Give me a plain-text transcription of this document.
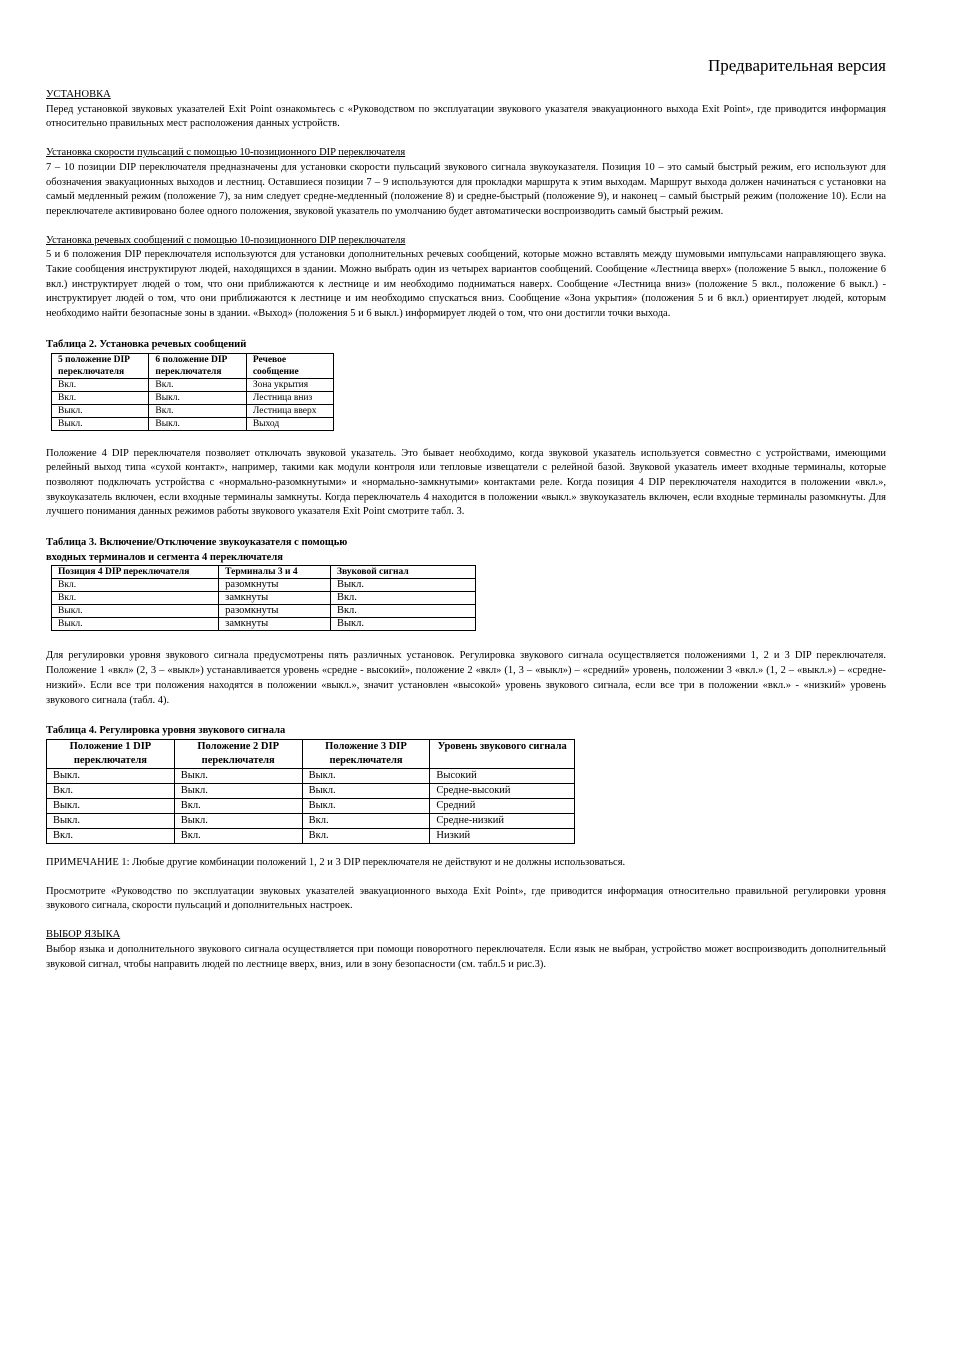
Предварительная версия

УСТАНОВКА

Перед установкой звуковых указателей Exit Point ознакомьтесь с «Руководством по эксплуатации звукового указателя эвакуационного выхода Exit Point», где приводится информация относительно правильных мест расположения данных устройств.

Установка скорости пульсаций с помощью 10-позиционного DIP переключателя

7 – 10 позиции DIP переключателя предназначены для установки скорости пульсаций звукового сигнала звукоуказателя. Позиция 10 – это самый быстрый режим, его используют для обозначения эвакуационных выходов и лестниц. Оставшиеся позиции 7 – 9 используются для прокладки маршрута к этим выходам. Маршрут выхода должен начинаться с установки на самый медленный режим (положение 7), за ним следует средне-медленный (положение 8) и средне-быстрый (положение 9), и наконец – самый быстрый режим (положение 10). Если на переключателе активировано более одного положения, звуковой указатель по умолчанию будет автоматически воспроизводить самый быстрый режим.

Установка речевых сообщений с помощью 10-позиционного DIP переключателя

5 и 6 положения DIP переключателя используются для установки дополнительных речевых сообщений, которые можно вставлять между шумовыми импульсами направляющего звука. Такие сообщения инструктируют людей, находящихся в здании. Можно выбрать один из четырех вариантов сообщений. Сообщение «Лестница вверх» (положение 5 выкл., положение 6 вкл.) инструктирует людей о том, что они приближаются к лестнице и им необходимо подниматься наверх. Сообщение «Лестница вниз» (положение 5 вкл., положение 6 выкл.) - инструктирует людей о том, что они приближаются к лестнице и им необходимо спускаться вниз. Сообщение «Зона укрытия» (положения 5 и 6 вкл.) ориентирует людей, которым необходимо найти безопасные зоны в здании. «Выход» (положения 5 и 6 выкл.) информирует людей о том, что они достигли точки выхода.

Таблица 2. Установка речевых сообщений

5 положение DIP переключателя	6 положение DIP переключателя	Речевое сообщение
Вкл.	Вкл.	Зона укрытия
Вкл.	Выкл.	Лестница вниз
Выкл.	Вкл.	Лестница вверх
Выкл.	Выкл.	Выход

Положение 4 DIP переключателя позволяет отключать звуковой указатель. Это бывает необходимо, когда звуковой указатель используется совместно с устройствами, имеющими релейный выход типа «сухой контакт», например, такими как модули контроля или тепловые извещатели с релейной базой. Звуковой указатель имеет входные терминалы, которые позволяют подключать устройства с «нормально-разомкнутыми» и «нормально-замкнутыми» контактами реле. Когда позиция 4 DIP переключателя находится в положении «вкл.», звукоуказатель включен, если входные терминалы замкнуты. Когда переключатель 4 находится в положении «выкл.» звукоуказатель включен, если входные терминалы разомкнуты. Для лучшего понимания данных режимов работы звукового указателя Exit Point смотрите табл. 3.

Таблица 3. Включение/Отключение звукоуказателя с помощью

входных терминалов и сегмента 4 переключателя

Позиция 4 DIP переключателя	Терминалы 3 и 4	Звуковой сигнал
Вкл.	разомкнуты	Выкл.
Вкл.	замкнуты	Вкл.
Выкл.	разомкнуты	Вкл.
Выкл.	замкнуты	Выкл.

Для регулировки уровня звукового сигнала предусмотрены пять различных установок. Регулировка звукового сигнала осуществляется положениями 1, 2 и 3 DIP переключателя. Положение 1 «вкл» (2, 3 – «выкл») устанавливается уровень «средне - высокий», положение 2 «вкл» (1, 3 – «выкл») – «средний» уровень, положении 3 «вкл.» (1, 2 – «выкл.») – «средне-низкий». Если все три положения находятся в положении «выкл.», значит установлен «высокой» уровень звукового сигнала, если все три в положении «вкл.» - «низкий» уровень звукового сигнала (табл. 4).

Таблица 4. Регулировка уровня звукового сигнала

Положение 1 DIP переключателя	Положение 2 DIP переключателя	Положение 3 DIP переключателя	Уровень звукового сигнала
Выкл.	Выкл.	Выкл.	Высокий
Вкл.	Выкл.	Выкл.	Средне-высокий
Выкл.	Вкл.	Выкл.	Средний
Выкл.	Выкл.	Вкл.	Средне-низкий
Вкл.	Вкл.	Вкл.	Низкий

ПРИМЕЧАНИЕ 1: Любые другие комбинации положений 1, 2 и 3 DIP переключателя не действуют и не должны использоваться.

Просмотрите «Руководство по эксплуатации звуковых указателей эвакуационного выхода Exit Point», где приводится информация относительно правильной регулировки уровня звукового сигнала, скорости пульсаций и дополнительных настроек.

ВЫБОР ЯЗЫКА

Выбор языка и дополнительного звукового сигнала осуществляется при помощи поворотного переключателя. Если язык не выбран, устройство может воспроизводить дополнительный звуковой сигнал, чтобы направить людей по лестнице вверх, вниз, или в зону безопасности (см. табл.5 и рис.3).
